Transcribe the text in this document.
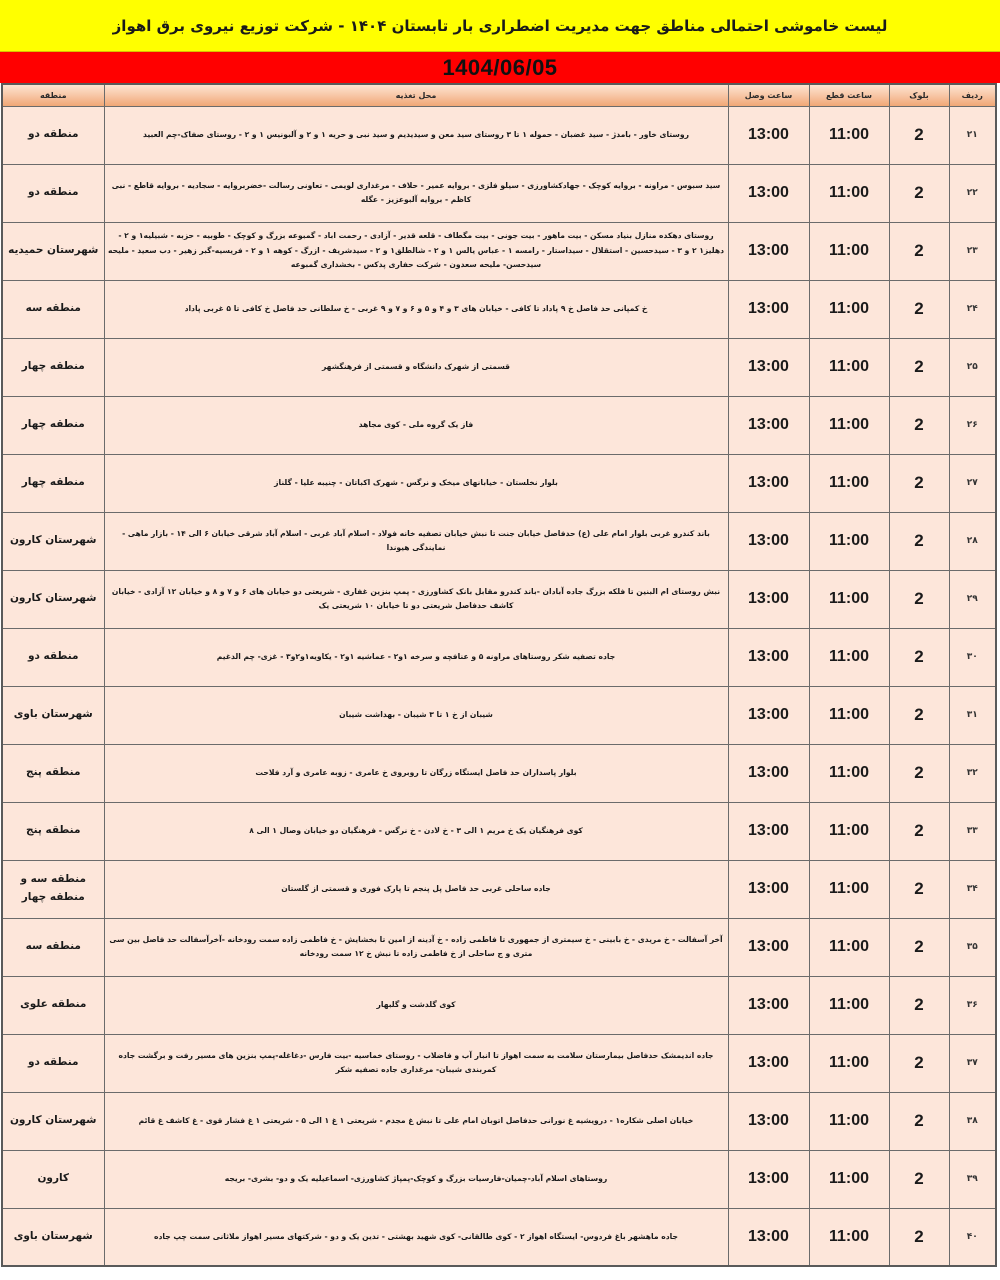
لیست خاموشی احتمالی مناطق جهت مدیریت اضطراری بار تابستان ۱۴۰۴ - شرکت توزیع نیروی برق اهواز
1404/06/05
منطقه	محل تغذیه	ساعت وصل	ساعت قطع	بلوک	ردیف
منطقه دو	روستای خاور - بامدژ - سید غضبان - حموله ۱ تا ۳ روستای سید معن و سیدیدیم و سید نبی و حریه ۱ و ۲ و آلبونیس ۱ و ۲ - روستای صفاک-چم العبید	13:00	11:00	2	۲۱
منطقه دو	سید سبوس - مراونه - بروایه کوچک - جهادکشاورزی - سیلو فلزی - بروایه عمیر - حلاف - مرغداری لویمی - تعاونی رسالت -خضربروایه - سجادیه - بروایه قاطع - نبی کاظم - بروایه آلبوعزیز - عگله	13:00	11:00	2	۲۲
شهرستان حمیدیه	روستای دهکده منازل بنیاد مسکن - بیت ماهور - بیت جونی - بیت مگطاف - قلعه قدیر - آزادی - رحمت اباد - گمبوعه بزرگ و کوچک - طوبیه - حزبه - شبیلیه۱ و ۲ - دهلیز۱ ۲ و ۳ - سیدحسین - استقلال - سیداستار - رامسه ۱ - عباس یالس ۱ و ۲ - شالطلق۱ و ۲ - سیدشریف - ازرگ - کوهه ۱ و ۲ - فریسیه-گبر زهیر - دب سعید - ملیحه سیدحسن- ملیحه سعدون - شرکت حفاری پدکس - بخشداری گمبوعه	13:00	11:00	2	۲۳
منطقه سه	خ کمپانی حد فاصل خ ۹ پاداد تا کافی - خیابان های ۳ و ۴ و ۵ و ۶ و ۷ و ۹ غربی - خ سلطانی حد فاصل خ کافی تا ۵ غربی پاداد	13:00	11:00	2	۲۴
منطقه چهار	قسمتی از شهرک دانشگاه و قسمتی از فرهنگشهر	13:00	11:00	2	۲۵
منطقه چهار	فاز یک گروه ملی - کوی مجاهد	13:00	11:00	2	۲۶
منطقه چهار	بلوار نخلستان - خیابانهای میخک و نرگس - شهرک اکباتان - چنیبه علیا - گلناز	13:00	11:00	2	۲۷
شهرستان کارون	باند کندرو غربی بلوار امام علی (ع) حدفاصل خیابان جنت تا نبش خیابان تصفیه خانه فولاد - اسلام آباد غربی - اسلام آباد شرقی خیابان ۶ الی ۱۴ - بازار ماهی - نمایندگی هیوندا	13:00	11:00	2	۲۸
شهرستان کارون	نبش روستای ام البنین تا فلکه بزرگ جاده آبادان -باند کندرو مقابل بانک کشاورزی - پمپ بنزین غفاری - شریعتی دو خیابان های ۶ و ۷ و ۸ و خیابان ۱۲ آزادی - خیابان کاشف حدفاصل شریعتی دو تا خیابان ۱۰ شریعتی یک	13:00	11:00	2	۲۹
منطقه دو	جاده تصفیه شکر روستاهای مراونه ۵ و عنافچه و سرخه ۱و۲ - عماشیه ۱و۲ - یکاویه۱و۲و۳ - غزی- چم الدغیم	13:00	11:00	2	۳۰
شهرستان باوی	شیبان از خ ۱ تا ۳ شیبان - بهداشت شیبان	13:00	11:00	2	۳۱
منطقه پنج	بلوار پاسداران حد فاصل ایستگاه زرگان تا روبروی خ عامری - زوبه عامری و آرد فلاحت	13:00	11:00	2	۳۲
منطقه پنج	کوی فرهنگیان یک خ مریم ۱ الی ۳ - خ لادن - خ نرگس - فرهنگیان دو خیابان وصال ۱ الی ۸	13:00	11:00	2	۳۳
منطقه سه و منطقه چهار	جاده ساحلی غربی حد فاصل پل پنجم تا پارک فوری و قسمتی از گلستان	13:00	11:00	2	۳۴
منطقه سه	آخر آسفالت - خ مریدی - خ بابینی - خ سیمتری از جمهوری تا فاطمی زاده - خ آدینه از امین تا بخشایش - خ فاطمی زاده سمت رودخانه -آخرآسفالت حد فاصل بین سی متری و ج ساحلی از خ فاطمی زاده تا نبش خ ۱۲ سمت رودخانه	13:00	11:00	2	۳۵
منطقه علوی	کوی گلدشت و گلبهار	13:00	11:00	2	۳۶
منطقه دو	جاده اندیمشک حدفاصل بیمارستان سلامت به سمت اهواز تا انبار آب و فاضلاب - روستای خماسیه -بیت فارس -دغاغله-پمپ بنزین های مسیر رفت و برگشت جاده کمربندی شیبان- مرغداری جاده تصفیه شکر	13:00	11:00	2	۳۷
شهرستان کارون	خیابان اصلی شکاره۱ - درویشیه غ نورانی حدفاصل اتوبان امام علی تا نبش غ مجدم - شریعتی ۱ غ ۱ الی ۵ - شریعتی ۱ غ فشار قوی - غ کاشف غ قائم	13:00	11:00	2	۳۸
کارون	روستاهای اسلام آباد-چمیان-فارسیات بزرگ و کوچک-پمپاژ کشاورزی- اسماعیلیه یک و دو- بشری- بریجه	13:00	11:00	2	۳۹
شهرستان باوی	جاده ماهشهر باغ فردوس- ایستگاه اهواز ۲ - کوی طالقانی- کوی شهید بهشتی - تدین یک و دو - شرکتهای مسیر اهواز ملاثانی سمت چپ جاده	13:00	11:00	2	۴۰
